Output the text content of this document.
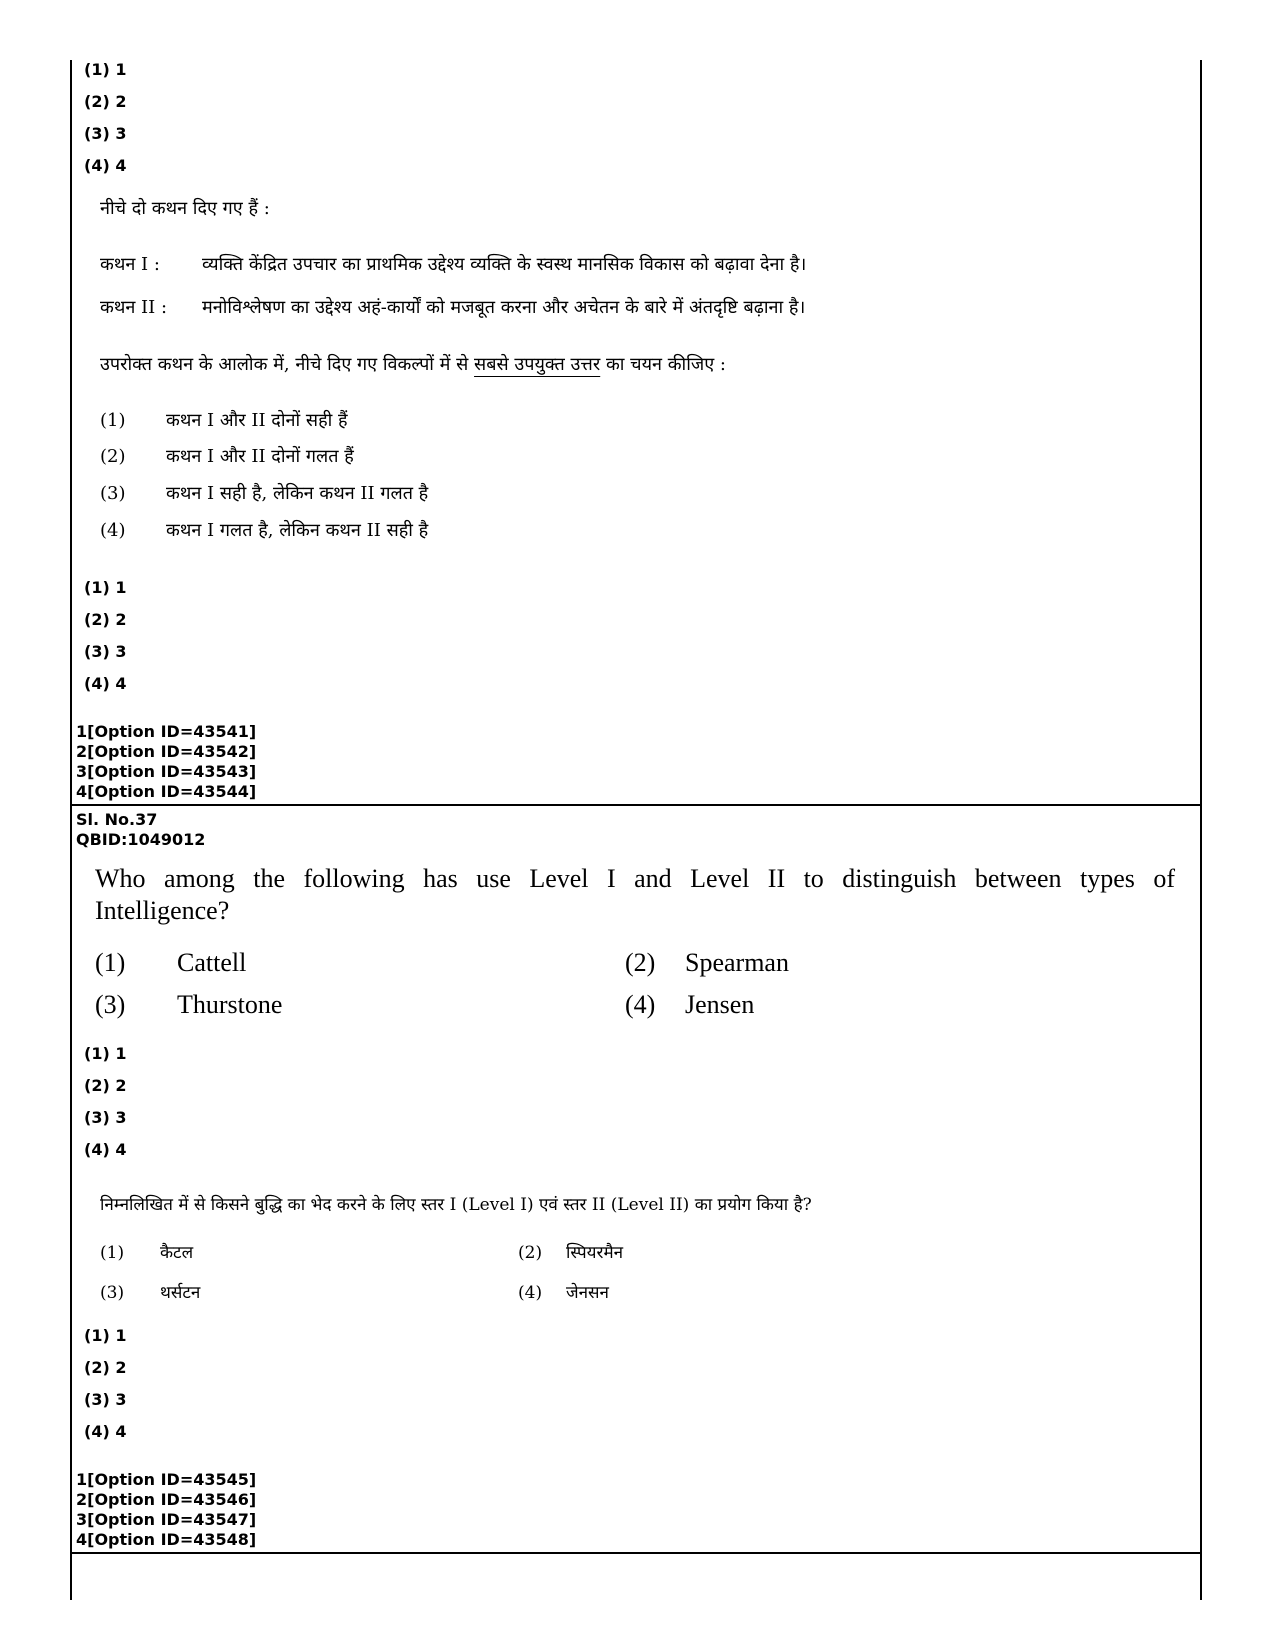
(1) 1
(2) 2
(3) 3
(4) 4
नीचे दो कथन दिए गए हैं :
कथन I : व्यक्ति केंद्रित उपचार का प्राथमिक उद्देश्य व्यक्ति के स्वस्थ मानसिक विकास को बढ़ावा देना है।
कथन II : मनोविश्लेषण का उद्देश्य अहं-कार्यों को मजबूत करना और अचेतन के बारे में अंतदृष्टि बढ़ाना है।
उपरोक्त कथन के आलोक में, नीचे दिए गए विकल्पों में से सबसे उपयुक्त उत्तर का चयन कीजिए :
(1) कथन I और II दोनों सही हैं
(2) कथन I और II दोनों गलत हैं
(3) कथन I सही है, लेकिन कथन II गलत है
(4) कथन I गलत है, लेकिन कथन II सही है
(1) 1
(2) 2
(3) 3
(4) 4
1[Option ID=43541]
2[Option ID=43542]
3[Option ID=43543]
4[Option ID=43544]
Sl. No.37
QBID:1049012
Who among the following has use Level I and Level II to distinguish between types of
Intelligence?
(1) Cattell	(2) Spearman
(3) Thurstone	(4) Jensen
(1) 1
(2) 2
(3) 3
(4) 4
निम्नलिखित में से किसने बुद्धि का भेद करने के लिए स्तर I (Level I) एवं स्तर II (Level II) का प्रयोग किया है?
(1) कैटल	(2) स्पियरमैन
(3) थर्सटन	(4) जेनसन
(1) 1
(2) 2
(3) 3
(4) 4
1[Option ID=43545]
2[Option ID=43546]
3[Option ID=43547]
4[Option ID=43548]
